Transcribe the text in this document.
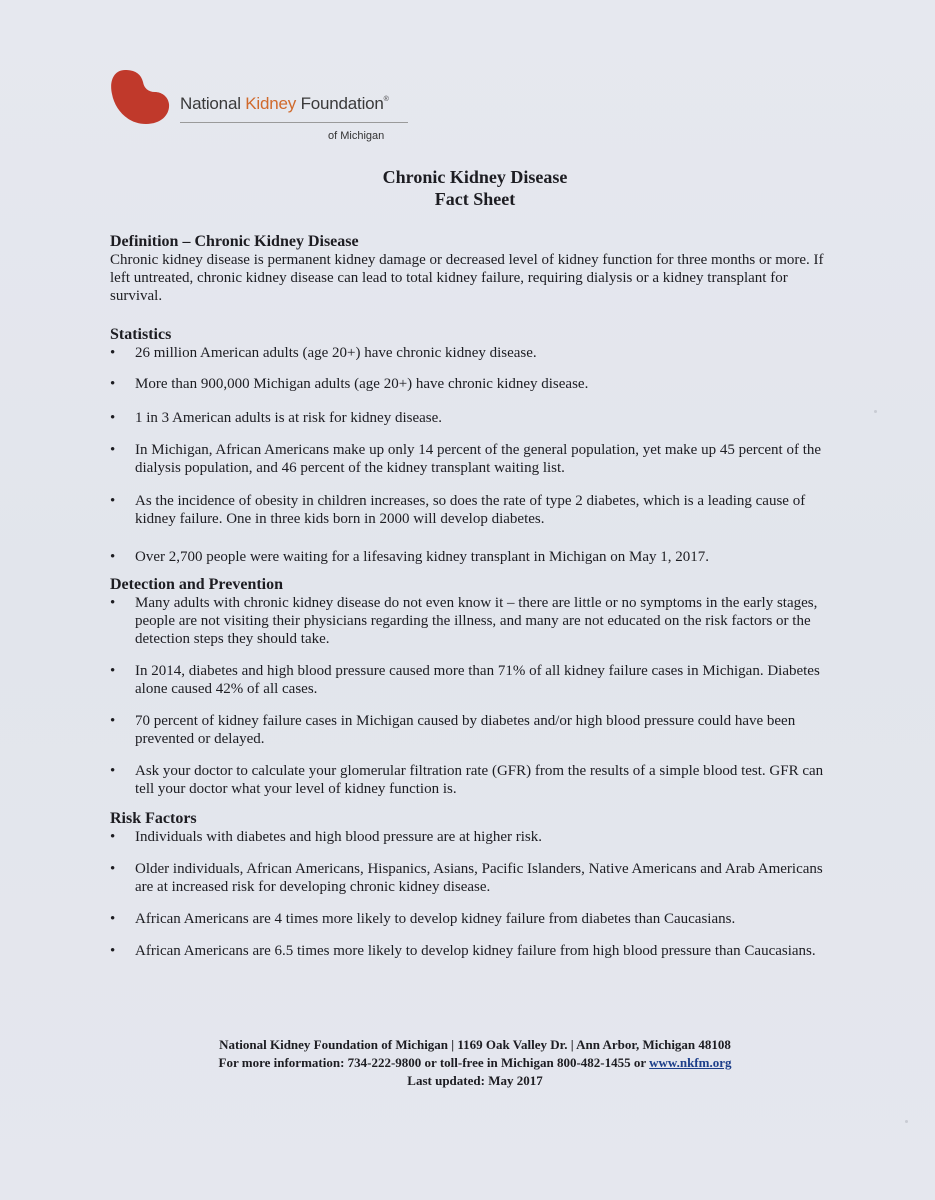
National Kidney Foundation®
of Michigan
Chronic Kidney Disease
Fact Sheet
Definition – Chronic Kidney Disease

Chronic kidney disease is permanent kidney damage or decreased level of kidney function for three months or more. If left untreated, chronic kidney disease can lead to total kidney failure, requiring dialysis or a kidney transplant for survival.

Statistics
• 26 million American adults (age 20+) have chronic kidney disease.
• More than 900,000 Michigan adults (age 20+) have chronic kidney disease.
• 1 in 3 American adults is at risk for kidney disease.
• In Michigan, African Americans make up only 14 percent of the general population, yet make up 45 percent of the dialysis population, and 46 percent of the kidney transplant waiting list.
• As the incidence of obesity in children increases, so does the rate of type 2 diabetes, which is a leading cause of kidney failure. One in three kids born in 2000 will develop diabetes.
• Over 2,700 people were waiting for a lifesaving kidney transplant in Michigan on May 1, 2017.
Detection and Prevention
• Many adults with chronic kidney disease do not even know it – there are little or no symptoms in the early stages, people are not visiting their physicians regarding the illness, and many are not educated on the risk factors or the detection steps they should take.
• In 2014, diabetes and high blood pressure caused more than 71% of all kidney failure cases in Michigan. Diabetes alone caused 42% of all cases.
• 70 percent of kidney failure cases in Michigan caused by diabetes and/or high blood pressure could have been prevented or delayed.
• Ask your doctor to calculate your glomerular filtration rate (GFR) from the results of a simple blood test. GFR can tell your doctor what your level of kidney function is.
Risk Factors
• Individuals with diabetes and high blood pressure are at higher risk.
• Older individuals, African Americans, Hispanics, Asians, Pacific Islanders, Native Americans and Arab Americans are at increased risk for developing chronic kidney disease.
• African Americans are 4 times more likely to develop kidney failure from diabetes than Caucasians.
• African Americans are 6.5 times more likely to develop kidney failure from high blood pressure than Caucasians.
National Kidney Foundation of Michigan | 1169 Oak Valley Dr. | Ann Arbor, Michigan 48108
For more information: 734-222-9800 or toll-free in Michigan 800-482-1455 or www.nkfm.org
Last updated: May 2017
